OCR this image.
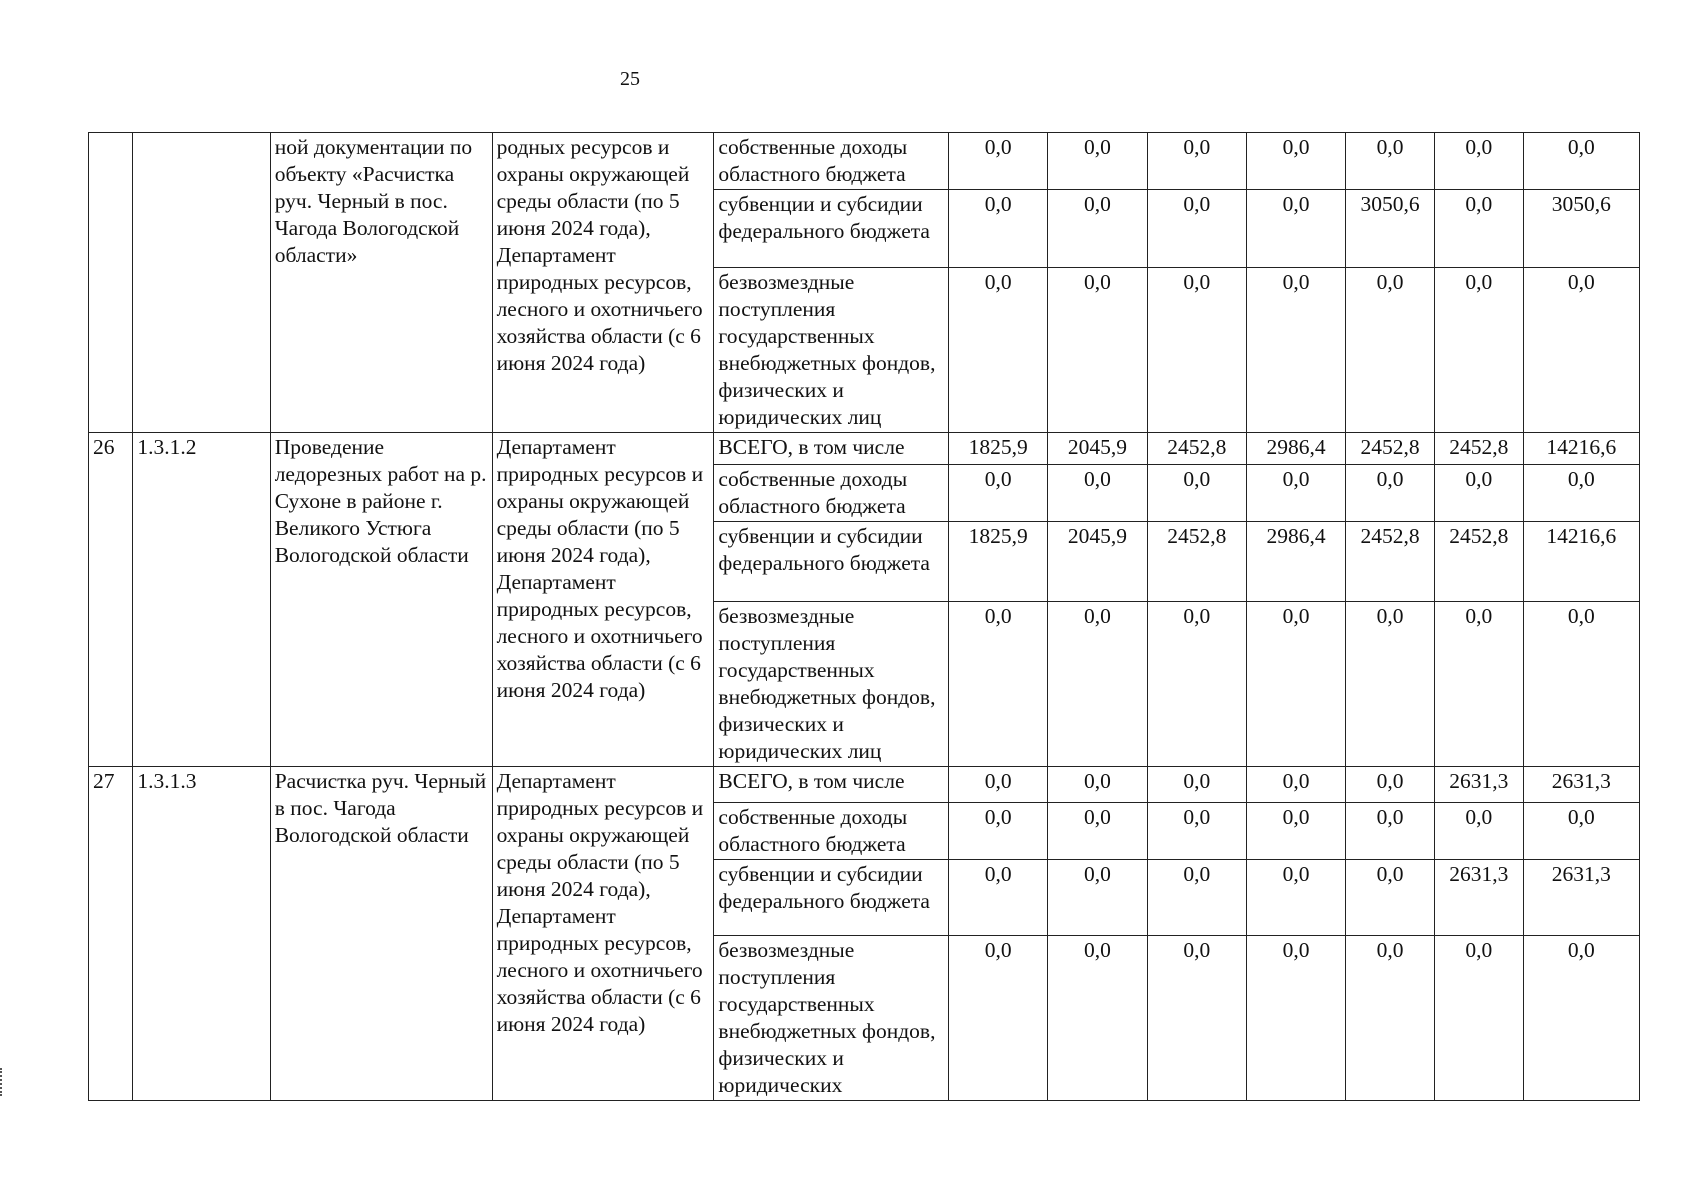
25
		ной документации по объекту «Расчистка руч. Черный в пос. Чагода Вологодской области»	родных ресурсов и охраны окружающей среды области (по 5 июня 2024 года), Департамент природных ресурсов, лесного и охотничьего хозяйства области (с 6 июня 2024 года)	собственные доходы областного бюджета	0,0	0,0	0,0	0,0	0,0	0,0	0,0
				субвенции и субсидии федерального бюджета	0,0	0,0	0,0	0,0	3050,6	0,0	3050,6
				безвозмездные поступления государственных внебюджетных фондов, физических и юридических лиц	0,0	0,0	0,0	0,0	0,0	0,0	0,0
26	1.3.1.2	Проведение ледорезных работ на р. Сухоне в районе г. Великого Устюга Вологодской области	Департамент природных ресурсов и охраны окружающей среды области (по 5 июня 2024 года), Департамент природных ресурсов, лесного и охотничьего хозяйства области (с 6 июня 2024 года)	ВСЕГО, в том числе	1825,9	2045,9	2452,8	2986,4	2452,8	2452,8	14216,6
				собственные доходы областного бюджета	0,0	0,0	0,0	0,0	0,0	0,0	0,0
				субвенции и субсидии федерального бюджета	1825,9	2045,9	2452,8	2986,4	2452,8	2452,8	14216,6
				безвозмездные поступления государственных внебюджетных фондов, физических и юридических лиц	0,0	0,0	0,0	0,0	0,0	0,0	0,0
27	1.3.1.3	Расчистка руч. Черный в пос. Чагода Вологодской области	Департамент природных ресурсов и охраны окружающей среды области (по 5 июня 2024 года), Департамент природных ресурсов, лесного и охотничьего хозяйства области (с 6 июня 2024 года)	ВСЕГО, в том числе	0,0	0,0	0,0	0,0	0,0	2631,3	2631,3
				собственные доходы областного бюджета	0,0	0,0	0,0	0,0	0,0	0,0	0,0
				субвенции и субсидии федерального бюджета	0,0	0,0	0,0	0,0	0,0	2631,3	2631,3
				безвозмездные поступления государственных внебюджетных фондов, физических и юридических	0,0	0,0	0,0	0,0	0,0	0,0	0,0
